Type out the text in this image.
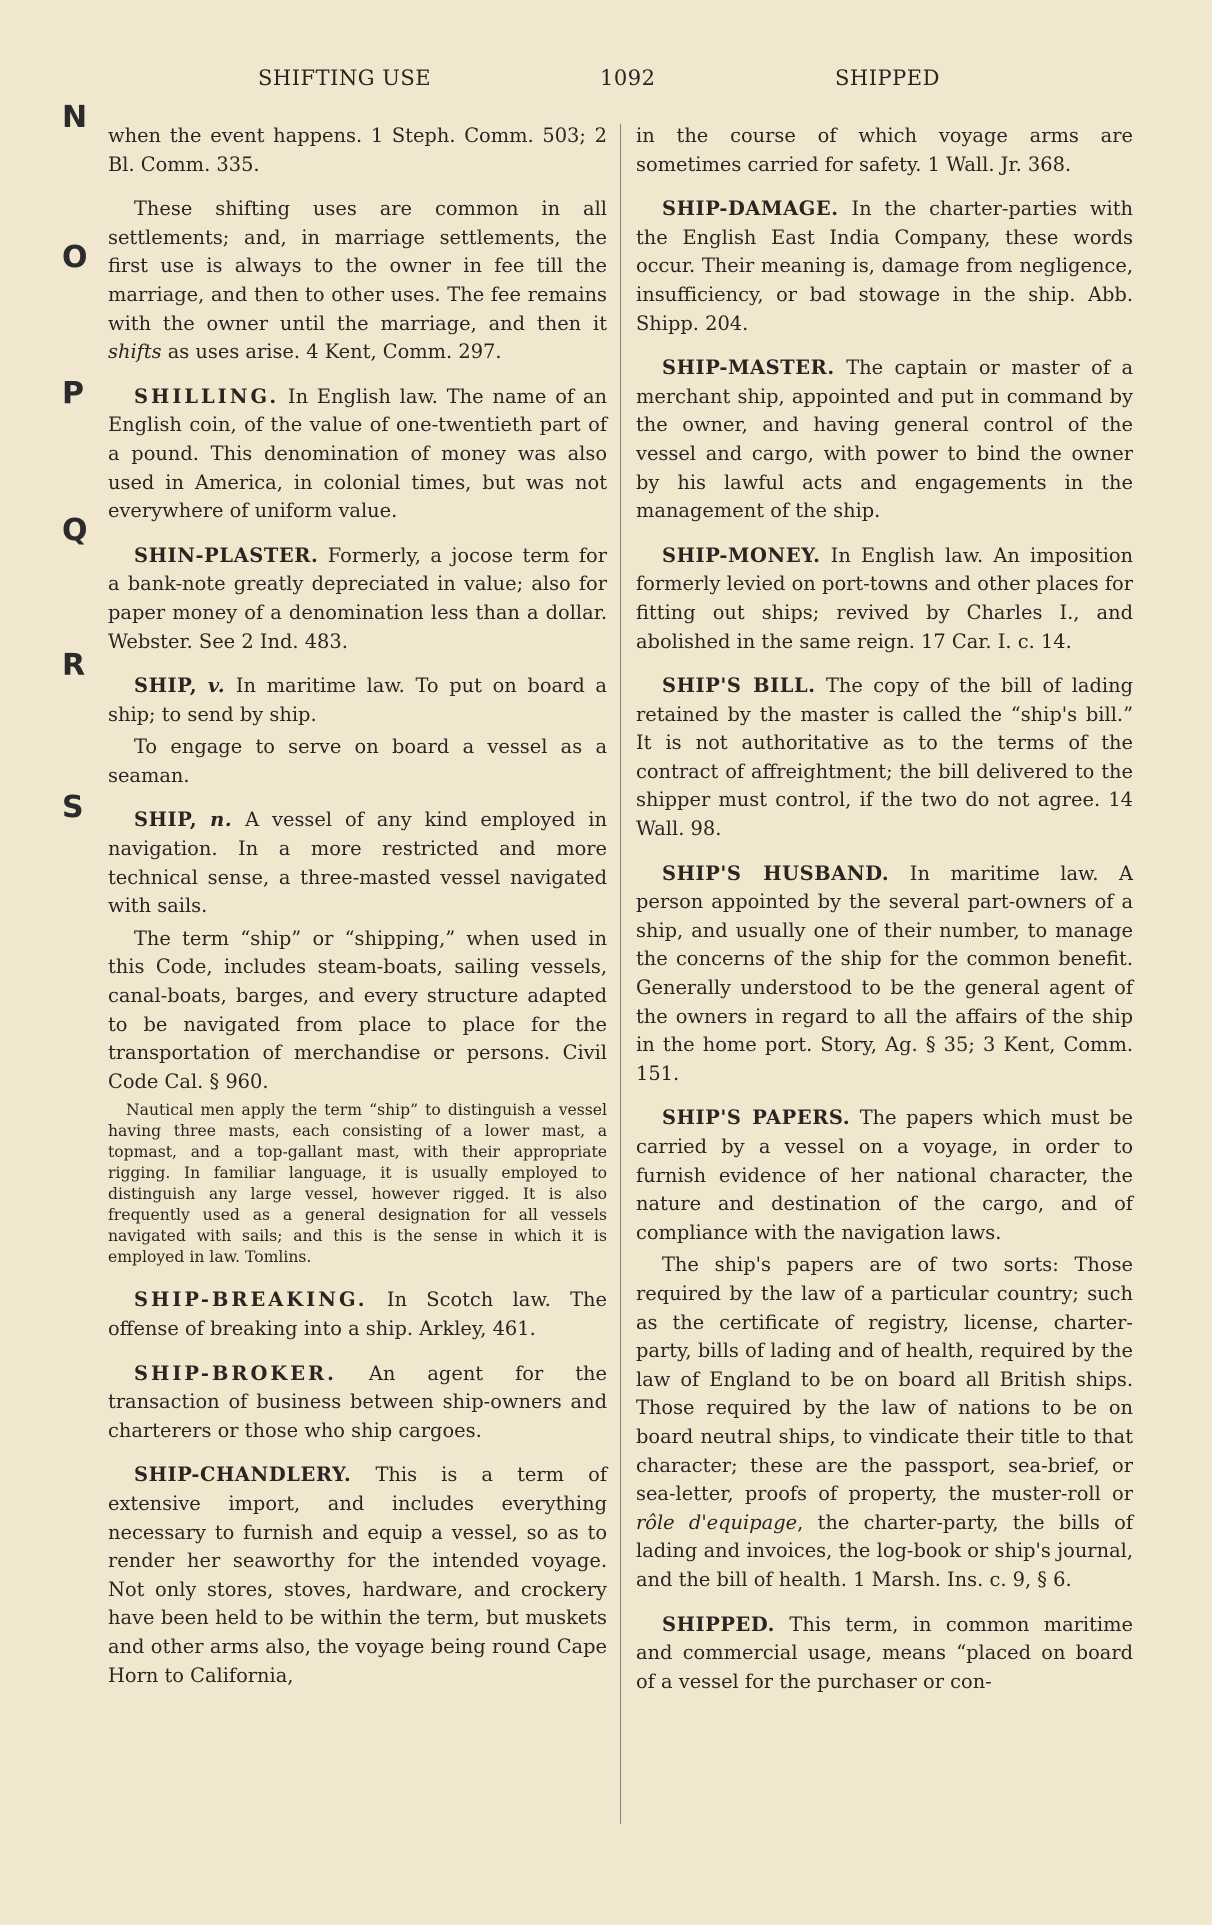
SHIFTING USE	1092	SHIPPED
N
O
P
Q
R
S

when the event happens. 1 Steph. Comm. 503; 2 Bl. Comm. 335.

These shifting uses are common in all settlements; and, in marriage settlements, the first use is always to the owner in fee till the marriage, and then to other uses. The fee remains with the owner until the marriage, and then it shifts as uses arise. 4 Kent, Comm. 297.

SHILLING. In English law. The name of an English coin, of the value of one-twentieth part of a pound. This denomination of money was also used in America, in colonial times, but was not everywhere of uniform value.

SHIN-PLASTER. Formerly, a jocose term for a bank-note greatly depreciated in value; also for paper money of a denomination less than a dollar. Webster. See 2 Ind. 483.

SHIP, v. In maritime law. To put on board a ship; to send by ship.

To engage to serve on board a vessel as a seaman.

SHIP, n. A vessel of any kind employed in navigation. In a more restricted and more technical sense, a three-masted vessel navigated with sails.

The term “ship” or “shipping,” when used in this Code, includes steam-boats, sailing vessels, canal-boats, barges, and every structure adapted to be navigated from place to place for the transportation of merchandise or persons. Civil Code Cal. § 960.

Nautical men apply the term “ship” to distinguish a vessel having three masts, each consisting of a lower mast, a topmast, and a top-gallant mast, with their appropriate rigging. In familiar language, it is usually employed to distinguish any large vessel, however rigged. It is also frequently used as a general designation for all vessels navigated with sails; and this is the sense in which it is employed in law. Tomlins.

SHIP-BREAKING. In Scotch law. The offense of breaking into a ship. Arkley, 461.

SHIP-BROKER. An agent for the transaction of business between ship-owners and charterers or those who ship cargoes.

SHIP-CHANDLERY. This is a term of extensive import, and includes everything necessary to furnish and equip a vessel, so as to render her seaworthy for the intended voyage. Not only stores, stoves, hardware, and crockery have been held to be within the term, but muskets and other arms also, the voyage being round Cape Horn to California,

in the course of which voyage arms are sometimes carried for safety. 1 Wall. Jr. 368.

SHIP-DAMAGE. In the charter-parties with the English East India Company, these words occur. Their meaning is, damage from negligence, insufficiency, or bad stowage in the ship. Abb. Shipp. 204.

SHIP-MASTER. The captain or master of a merchant ship, appointed and put in command by the owner, and having general control of the vessel and cargo, with power to bind the owner by his lawful acts and engagements in the management of the ship.

SHIP-MONEY. In English law. An imposition formerly levied on port-towns and other places for fitting out ships; revived by Charles I., and abolished in the same reign. 17 Car. I. c. 14.

SHIP'S BILL. The copy of the bill of lading retained by the master is called the “ship's bill.” It is not authoritative as to the terms of the contract of affreightment; the bill delivered to the shipper must control, if the two do not agree. 14 Wall. 98.

SHIP'S HUSBAND. In maritime law. A person appointed by the several part-owners of a ship, and usually one of their number, to manage the concerns of the ship for the common benefit. Generally understood to be the general agent of the owners in regard to all the affairs of the ship in the home port. Story, Ag. § 35; 3 Kent, Comm. 151.

SHIP'S PAPERS. The papers which must be carried by a vessel on a voyage, in order to furnish evidence of her national character, the nature and destination of the cargo, and of compliance with the navigation laws.

The ship's papers are of two sorts: Those required by the law of a particular country; such as the certificate of registry, license, charter-party, bills of lading and of health, required by the law of England to be on board all British ships. Those required by the law of nations to be on board neutral ships, to vindicate their title to that character; these are the passport, sea-brief, or sea-letter, proofs of property, the muster-roll or rôle d'equipage, the charter-party, the bills of lading and invoices, the log-book or ship's journal, and the bill of health. 1 Marsh. Ins. c. 9, § 6.

SHIPPED. This term, in common maritime and commercial usage, means “placed on board of a vessel for the purchaser or con-
